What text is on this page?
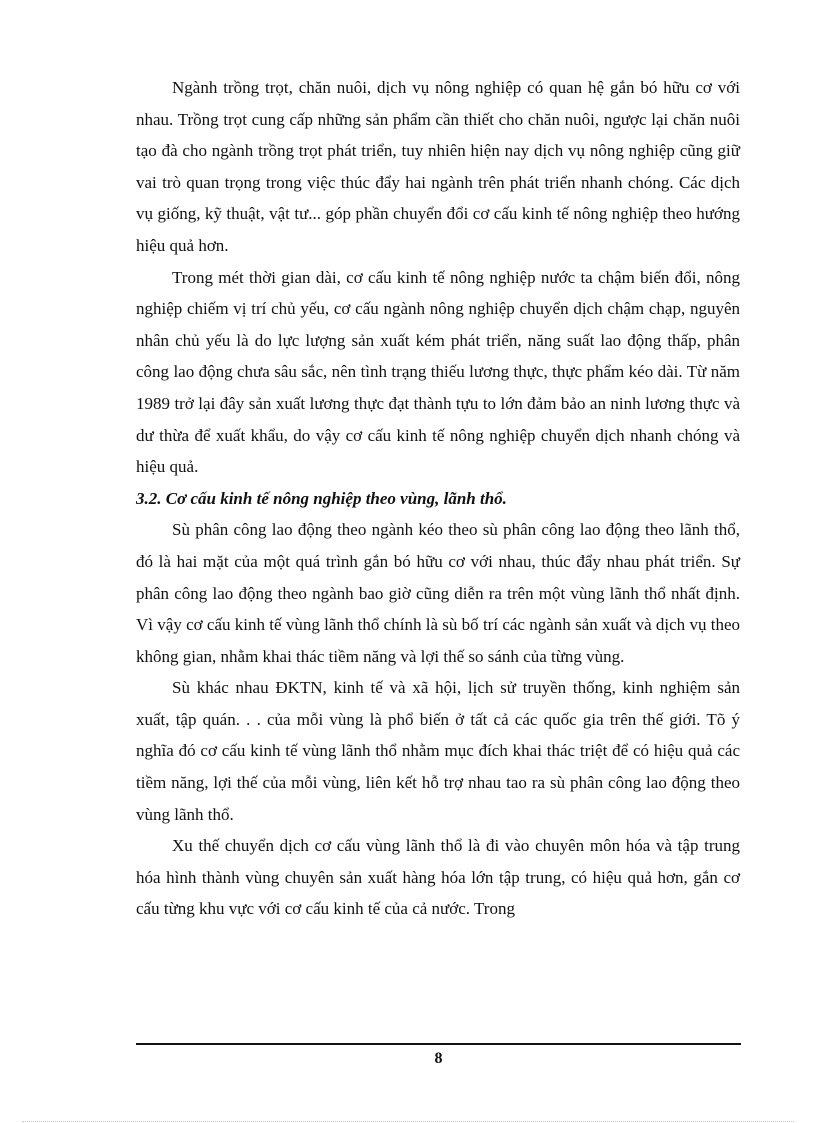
Ngành trồng trọt, chăn nuôi, dịch vụ nông nghiệp có quan hệ gắn bó hữu cơ với nhau. Trồng trọt cung cấp những sản phẩm cần thiết cho chăn nuôi, ngược lại chăn nuôi tạo đà cho ngành trồng trọt phát triển, tuy nhiên hiện nay dịch vụ nông nghiệp cũng giữ vai trò quan trọng trong việc thúc đẩy hai ngành trên phát triển nhanh chóng. Các dịch vụ giống, kỹ thuật, vật tư... góp phần chuyển đổi cơ cấu kinh tế nông nghiệp theo hướng hiệu quả hơn.

Trong mét thời gian dài, cơ cấu kinh tế nông nghiệp nước ta chậm biến đổi, nông nghiệp chiếm vị trí chủ yếu, cơ cấu ngành nông nghiệp chuyển dịch chậm chạp, nguyên nhân chủ yếu là do lực lượng sản xuất kém phát triển, năng suất lao động thấp, phân công lao động chưa sâu sắc, nên tình trạng thiếu lương thực, thực phẩm kéo dài. Từ năm 1989 trở lại đây sản xuất lương thực đạt thành tựu to lớn đảm bảo an ninh lương thực và dư thừa để xuất khẩu, do vậy cơ cấu kinh tế nông nghiệp chuyển dịch nhanh chóng và hiệu quả.

3.2. Cơ cấu kinh tế nông nghiệp theo vùng, lãnh thổ.

Sù phân công lao động theo ngành kéo theo sù phân công lao động theo lãnh thổ, đó là hai mặt của một quá trình gắn bó hữu cơ với nhau, thúc đẩy nhau phát triển. Sự phân công lao động theo ngành bao giờ cũng diễn ra trên một vùng lãnh thổ nhất định. Vì vậy cơ cấu kinh tế vùng lãnh thổ chính là sù bố trí các ngành sản xuất và dịch vụ theo không gian, nhằm khai thác tiềm năng và lợi thế so sánh của từng vùng.

Sù khác nhau ĐKTN, kinh tế và xã hội, lịch sử truyền thống, kinh nghiệm sản xuất, tập quán. . . của mỗi vùng là phổ biến ở tất cả các quốc gia trên thế giới. Tõ ý nghĩa đó cơ cấu kinh tế vùng lãnh thổ nhằm mục đích khai thác triệt để có hiệu quả các tiềm năng, lợi thế của mỗi vùng, liên kết hỗ trợ nhau tao ra sù phân công lao động theo vùng lãnh thổ.

Xu thế chuyển dịch cơ cấu vùng lãnh thổ là đi vào chuyên môn hóa và tập trung hóa hình thành vùng chuyên sản xuất hàng hóa lớn tập trung, có hiệu quả hơn, gắn cơ cấu từng khu vực với cơ cấu kinh tế của cả nước. Trong

8
